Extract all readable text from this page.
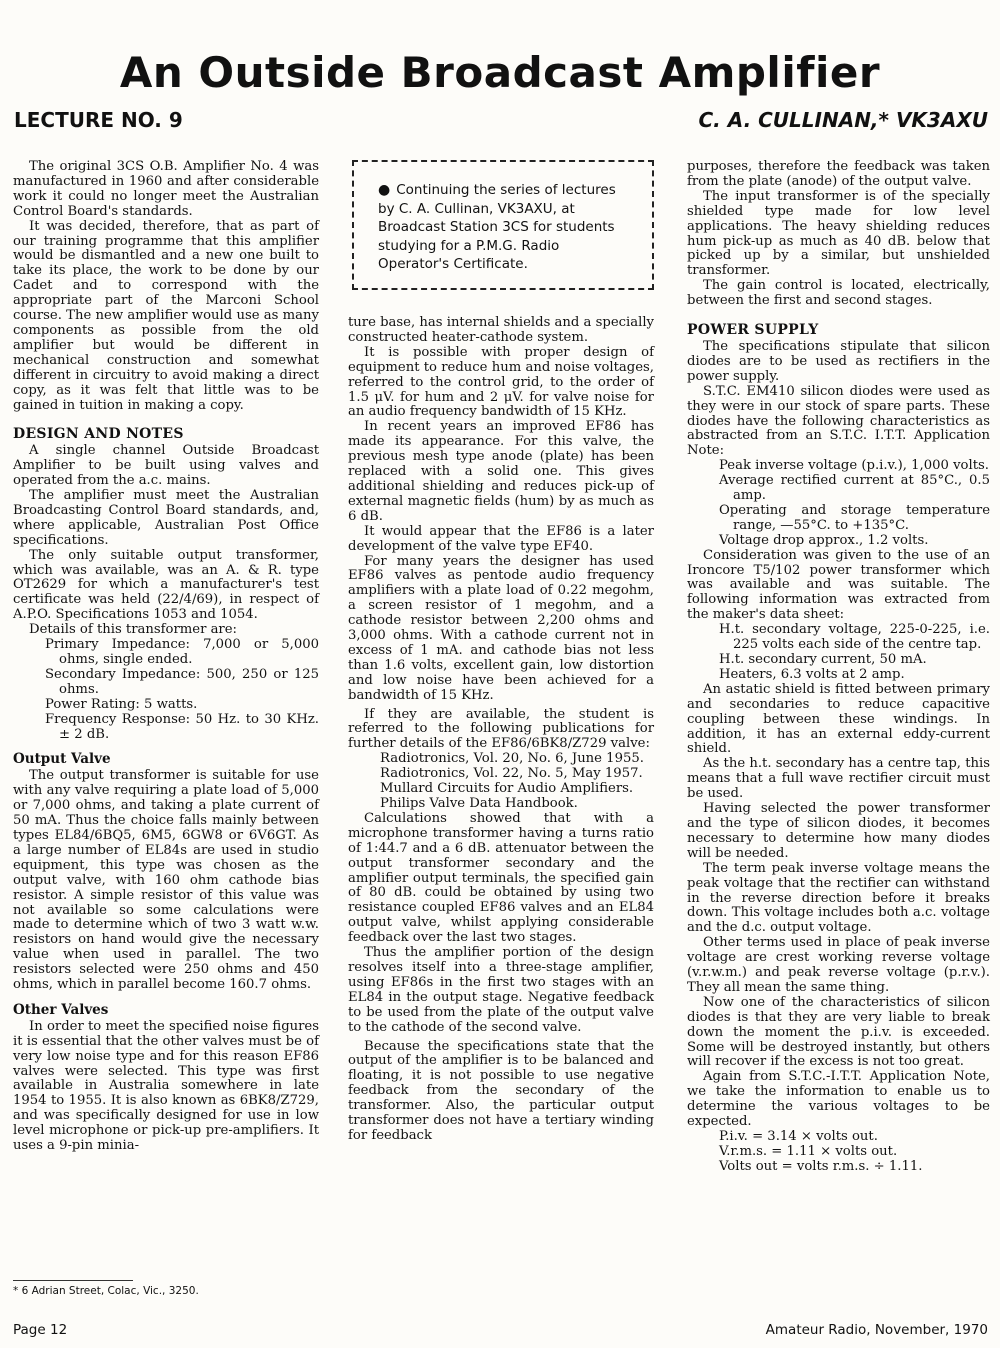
An Outside Broadcast Amplifier
LECTURE NO. 9	C. A. CULLINAN,* VK3AXU

The original 3CS O.B. Amplifier No. 4 was manufactured in 1960 and after considerable work it could no longer meet the Australian Control Board's standards.

It was decided, therefore, that as part of our training programme that this amplifier would be dismantled and a new one built to take its place, the work to be done by our Cadet and to correspond with the appropriate part of the Marconi School course. The new amplifier would use as many components as possible from the old amplifier but would be different in mechanical construction and somewhat different in circuitry to avoid making a direct copy, as it was felt that little was to be gained in tuition in making a copy.

DESIGN AND NOTES

A single channel Outside Broadcast Amplifier to be built using valves and operated from the a.c. mains.

The amplifier must meet the Australian Broadcasting Control Board standards, and, where applicable, Australian Post Office specifications.

The only suitable output transformer, which was available, was an A. & R. type OT2629 for which a manufacturer's test certificate was held (22/4/69), in respect of A.P.O. Specifications 1053 and 1054.

Details of this transformer are:

Primary Impedance: 7,000 or 5,000 ohms, single ended.

Secondary Impedance: 500, 250 or 125 ohms.

Power Rating: 5 watts.

Frequency Response: 50 Hz. to 30 KHz. ± 2 dB.

Output Valve

The output transformer is suitable for use with any valve requiring a plate load of 5,000 or 7,000 ohms, and taking a plate current of 50 mA. Thus the choice falls mainly between types EL84/6BQ5, 6M5, 6GW8 or 6V6GT. As a large number of EL84s are used in studio equipment, this type was chosen as the output valve, with 160 ohm cathode bias resistor. A simple resistor of this value was not available so some calculations were made to determine which of two 3 watt w.w. resistors on hand would give the necessary value when used in parallel. The two resistors selected were 250 ohms and 450 ohms, which in parallel become 160.7 ohms.

Other Valves

In order to meet the specified noise figures it is essential that the other valves must be of very low noise type and for this reason EF86 valves were selected. This type was first available in Australia somewhere in late 1954 to 1955. It is also known as 6BK8/Z729, and was specifically designed for use in low level microphone or pick-up pre-amplifiers. It uses a 9-pin minia-

● Continuing the series of lectures by C. A. Cullinan, VK3AXU, at Broadcast Station 3CS for students studying for a P.M.G. Radio Operator's Certificate.

ture base, has internal shields and a specially constructed heater-cathode system.

It is possible with proper design of equipment to reduce hum and noise voltages, referred to the control grid, to the order of 1.5 μV. for hum and 2 μV. for valve noise for an audio frequency bandwidth of 15 KHz.

In recent years an improved EF86 has made its appearance. For this valve, the previous mesh type anode (plate) has been replaced with a solid one. This gives additional shielding and reduces pick-up of external magnetic fields (hum) by as much as 6 dB.

It would appear that the EF86 is a later development of the valve type EF40.

For many years the designer has used EF86 valves as pentode audio frequency amplifiers with a plate load of 0.22 megohm, a screen resistor of 1 megohm, and a cathode resistor between 2,200 ohms and 3,000 ohms. With a cathode current not in excess of 1 mA. and cathode bias not less than 1.6 volts, excellent gain, low distortion and low noise have been achieved for a bandwidth of 15 KHz.

If they are available, the student is referred to the following publications for further details of the EF86/6BK8/Z729 valve:

Radiotronics, Vol. 20, No. 6, June 1955.

Radiotronics, Vol. 22, No. 5, May 1957.

Mullard Circuits for Audio Amplifiers.

Philips Valve Data Handbook.

Calculations showed that with a microphone transformer having a turns ratio of 1:44.7 and a 6 dB. attenuator between the output transformer secondary and the amplifier output terminals, the specified gain of 80 dB. could be obtained by using two resistance coupled EF86 valves and an EL84 output valve, whilst applying considerable feedback over the last two stages.

Thus the amplifier portion of the design resolves itself into a three-stage amplifier, using EF86s in the first two stages with an EL84 in the output stage. Negative feedback to be used from the plate of the output valve to the cathode of the second valve.

Because the specifications state that the output of the amplifier is to be balanced and floating, it is not possible to use negative feedback from the secondary of the transformer. Also, the particular output transformer does not have a tertiary winding for feedback

purposes, therefore the feedback was taken from the plate (anode) of the output valve.

The input transformer is of the specially shielded type made for low level applications. The heavy shielding reduces hum pick-up as much as 40 dB. below that picked up by a similar, but unshielded transformer.

The gain control is located, electrically, between the first and second stages.

POWER SUPPLY

The specifications stipulate that silicon diodes are to be used as rectifiers in the power supply.

S.T.C. EM410 silicon diodes were used as they were in our stock of spare parts. These diodes have the following characteristics as abstracted from an S.T.C. I.T.T. Application Note:

Peak inverse voltage (p.i.v.), 1,000 volts.

Average rectified current at 85°C., 0.5 amp.

Operating and storage temperature range, —55°C. to +135°C.

Voltage drop approx., 1.2 volts.

Consideration was given to the use of an Ironcore T5/102 power transformer which was available and was suitable. The following information was extracted from the maker's data sheet:

H.t. secondary voltage, 225-0-225, i.e. 225 volts each side of the centre tap.

H.t. secondary current, 50 mA.

Heaters, 6.3 volts at 2 amp.

An astatic shield is fitted between primary and secondaries to reduce capacitive coupling between these windings. In addition, it has an external eddy-current shield.

As the h.t. secondary has a centre tap, this means that a full wave rectifier circuit must be used.

Having selected the power transformer and the type of silicon diodes, it becomes necessary to determine how many diodes will be needed.

The term peak inverse voltage means the peak voltage that the rectifier can withstand in the reverse direction before it breaks down. This voltage includes both a.c. voltage and the d.c. output voltage.

Other terms used in place of peak inverse voltage are crest working reverse voltage (v.r.w.m.) and peak reverse voltage (p.r.v.). They all mean the same thing.

Now one of the characteristics of silicon diodes is that they are very liable to break down the moment the p.i.v. is exceeded. Some will be destroyed instantly, but others will recover if the excess is not too great.

Again from S.T.C.-I.T.T. Application Note, we take the information to enable us to determine the various voltages to be expected.

P.i.v. = 3.14 × volts out.

V.r.m.s. = 1.11 × volts out.

Volts out = volts r.m.s. ÷ 1.11.

* 6 Adrian Street, Colac, Vic., 3250.
Page 12	Amateur Radio, November, 1970
